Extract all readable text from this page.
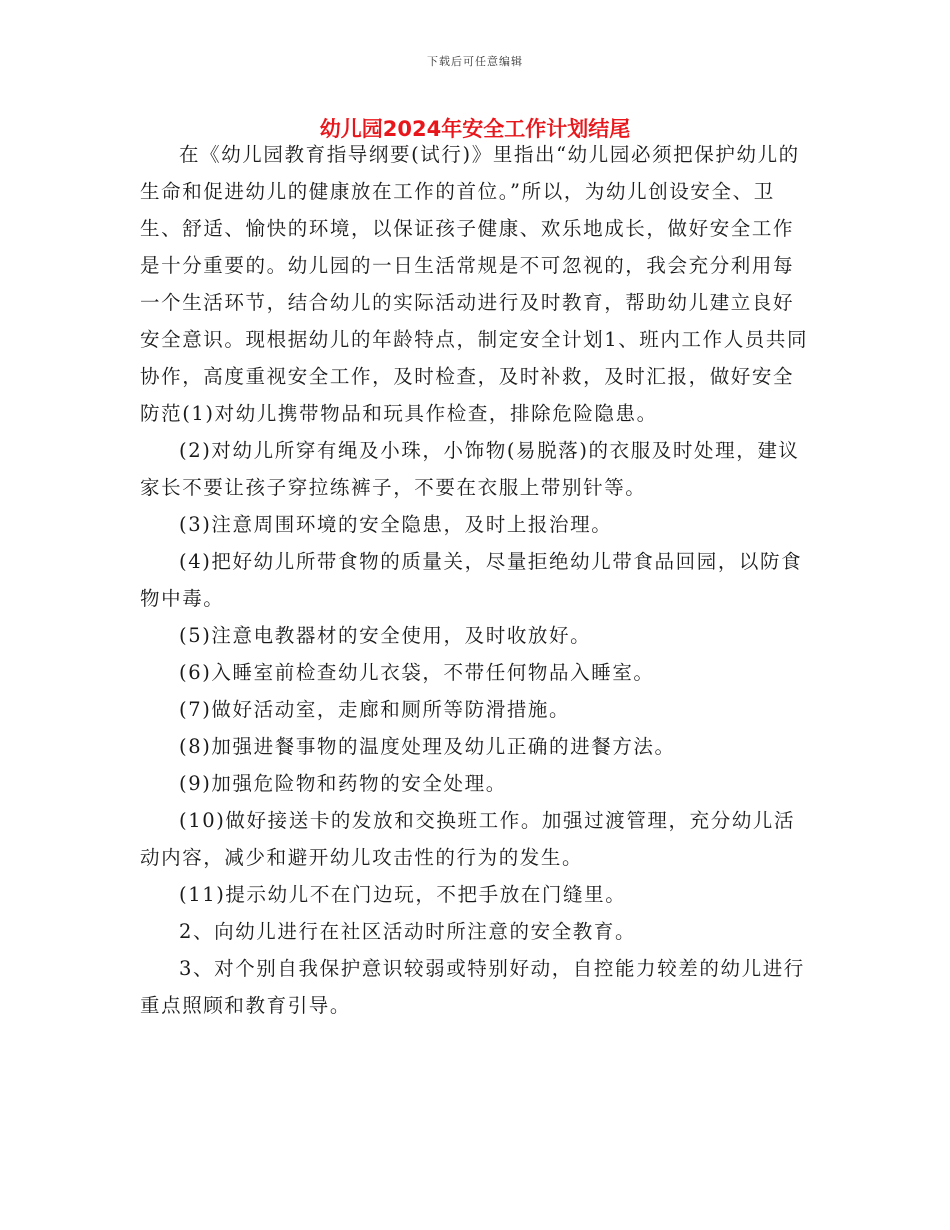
下载后可任意编辑
幼儿园2024年安全工作计划结尾

在《幼儿园教育指导纲要(试行)》里指出“幼儿园必须把保护幼儿的生命和促进幼儿的健康放在工作的首位。”所以，为幼儿创设安全、卫生、舒适、愉快的环境，以保证孩子健康、欢乐地成长，做好安全工作是十分重要的。幼儿园的一日生活常规是不可忽视的，我会充分利用每一个生活环节，结合幼儿的实际活动进行及时教育，帮助幼儿建立良好安全意识。现根据幼儿的年龄特点，制定安全计划1、班内工作人员共同协作，高度重视安全工作，及时检查，及时补救，及时汇报，做好安全防范(1)对幼儿携带物品和玩具作检查，排除危险隐患。

(2)对幼儿所穿有绳及小珠，小饰物(易脱落)的衣服及时处理，建议家长不要让孩子穿拉练裤子，不要在衣服上带别针等。

(3)注意周围环境的安全隐患，及时上报治理。

(4)把好幼儿所带食物的质量关，尽量拒绝幼儿带食品回园，以防食物中毒。

(5)注意电教器材的安全使用，及时收放好。

(6)入睡室前检查幼儿衣袋，不带任何物品入睡室。

(7)做好活动室，走廊和厕所等防滑措施。

(8)加强进餐事物的温度处理及幼儿正确的进餐方法。

(9)加强危险物和药物的安全处理。

(10)做好接送卡的发放和交换班工作。加强过渡管理，充分幼儿活动内容，减少和避开幼儿攻击性的行为的发生。

(11)提示幼儿不在门边玩，不把手放在门缝里。

2、向幼儿进行在社区活动时所注意的安全教育。

3、对个别自我保护意识较弱或特别好动，自控能力较差的幼儿进行重点照顾和教育引导。
